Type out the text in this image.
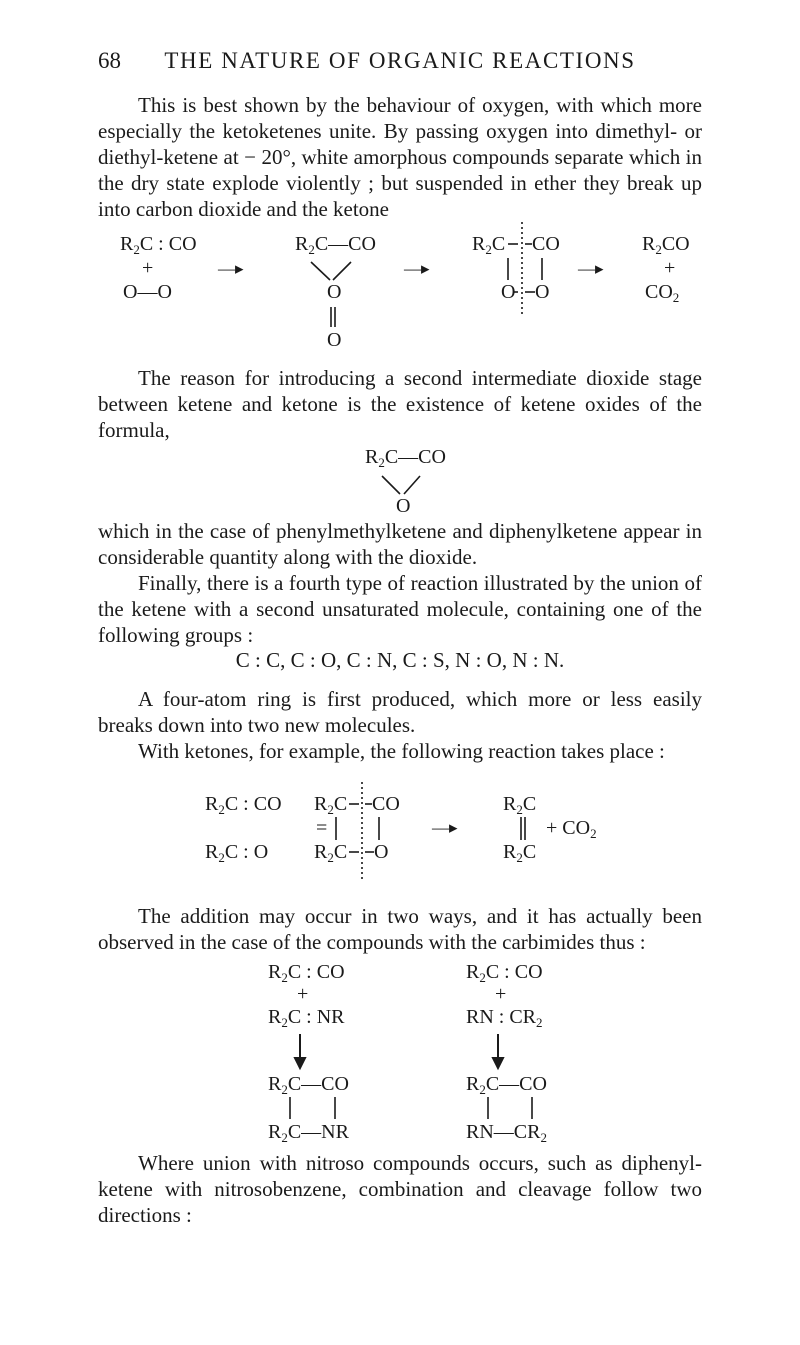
68	THE NATURE OF ORGANIC REACTIONS

This is best shown by the behaviour of oxygen, with which more especially the ketoketenes unite. By passing oxygen into dimethyl- or diethyl-ketene at − 20°, white amorphous compounds separate which in the dry state explode violently ; but suspended in ether they break up into carbon dioxide and the ketone

$R_2C$ : CO
+
O—O
—▸
$R_2C—CO$
O
O
—▸
$R_2C$ CO
O O
—▸
$R_2CO$
+
$CO_2$

The reason for introducing a second intermediate dioxide stage between ketene and ketone is the existence of ketene oxides of the formula,

$R_2C—CO$
O

which in the case of phenylmethylketene and diphenylketene appear in considerable quantity along with the dioxide.

Finally, there is a fourth type of reaction illustrated by the union of the ketene with a second unsaturated molecule, containing one of the following groups :

C : C, C : O, C : N, C : S, N : O, N : N.

A four-atom ring is first produced, which more or less easily breaks down into two new molecules.

With ketones, for example, the following reaction takes place :

$R_2C$ : CO
$R_2C$ : O
$R_2C$ CO
$R_2C$ O
=	—▸
$R_2C$
$R_2C$
+ $CO_2$

The addition may occur in two ways, and it has actually been observed in the case of the compounds with the carbimides thus :

$R_2C$ : CO
+
$R_2C$ : NR
$R_2C—CO$
$R_2C—NR$
$R_2C$ : CO
+
RN : $CR_2$
$R_2C—CO$
$RN—CR_2$

Where union with nitroso compounds occurs, such as diphenyl-ketene with nitrosobenzene, combination and cleavage follow two directions :
